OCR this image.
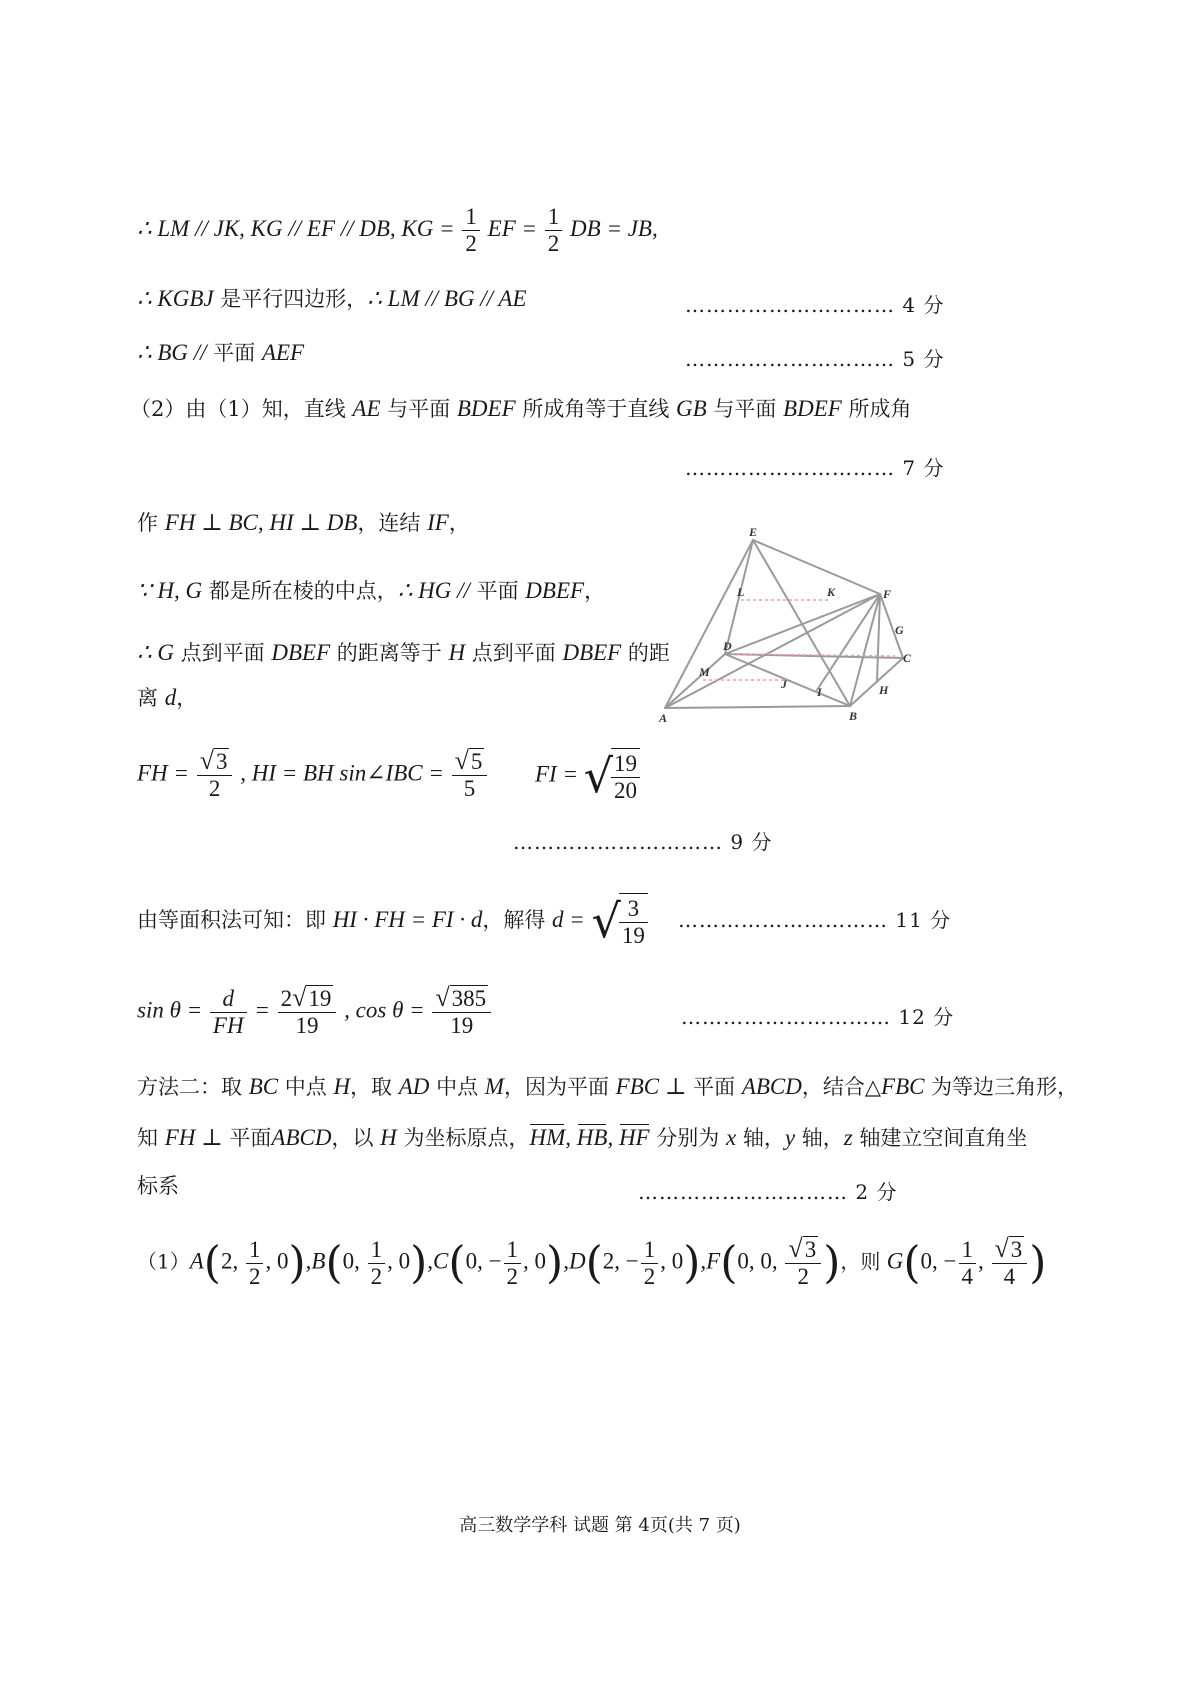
∴ LM // JK, KG // EF // DB, KG = $\frac{1}{2}$ EF = $\frac{1}{2}$ DB = JB,
∴ KGBJ 是平行四边形，∴ LM // BG // AE	………………………… 4 分
∴ BG // 平面 AEF	………………………… 5 分
（2）由（1）知，直线 AE 与平面 BDEF 所成角等于直线 GB 与平面 BDEF 所成角
………………………… 7 分
作 FH ⊥ BC, HI ⊥ DB，连结 IF，
∵ H, G 都是所在棱的中点，∴ HG // 平面 DBEF，
∴ G 点到平面 DBEF 的距离等于 H 点到平面 DBEF 的距
离 d，
E
L	K	F
G
D
C
M
J
I	H
A	B
FH = $\frac{√ 3}{2}$ , HI = BH sin∠IBC = $\frac{√ 5}{5}$ FI = √
$\frac{19}{20}$
………………………… 9 分
由等面积法可知：即 HI · FH = FI · d，解得 d = √
$\frac{3}{19}$ ………………………… 11 分
$\sin \theta = \frac{d}{FH} = \frac{2 √ 19}{19}$ , $\cos \theta = \frac{√ 385}{19}$	………………………… 12 分
方法二：取 BC 中点 H，取 AD 中点 M，因为平面 FBC ⊥ 平面 ABCD，结合△FBC 为等边三角形，
知 FH ⊥ 平面ABCD，以 H 为坐标原点，HM, HB, HF 分别为 x 轴，y 轴，z 轴建立空间直角坐
标系	………………………… 2 分
（1）A(2, $\frac{1}{2}$ , 0),B(0, $\frac{1}{2}$ , 0),C(0, − $\frac{1}{2}$ , 0),D(2, − $\frac{1}{2}$ , 0),F(0, 0, $\frac{√ 3}{2}$ )，则 G(0, − $\frac{1}{4}$ , $\frac{√ 3}{4}$ )
高三数学学科 试题 第 4页(共 7 页)
